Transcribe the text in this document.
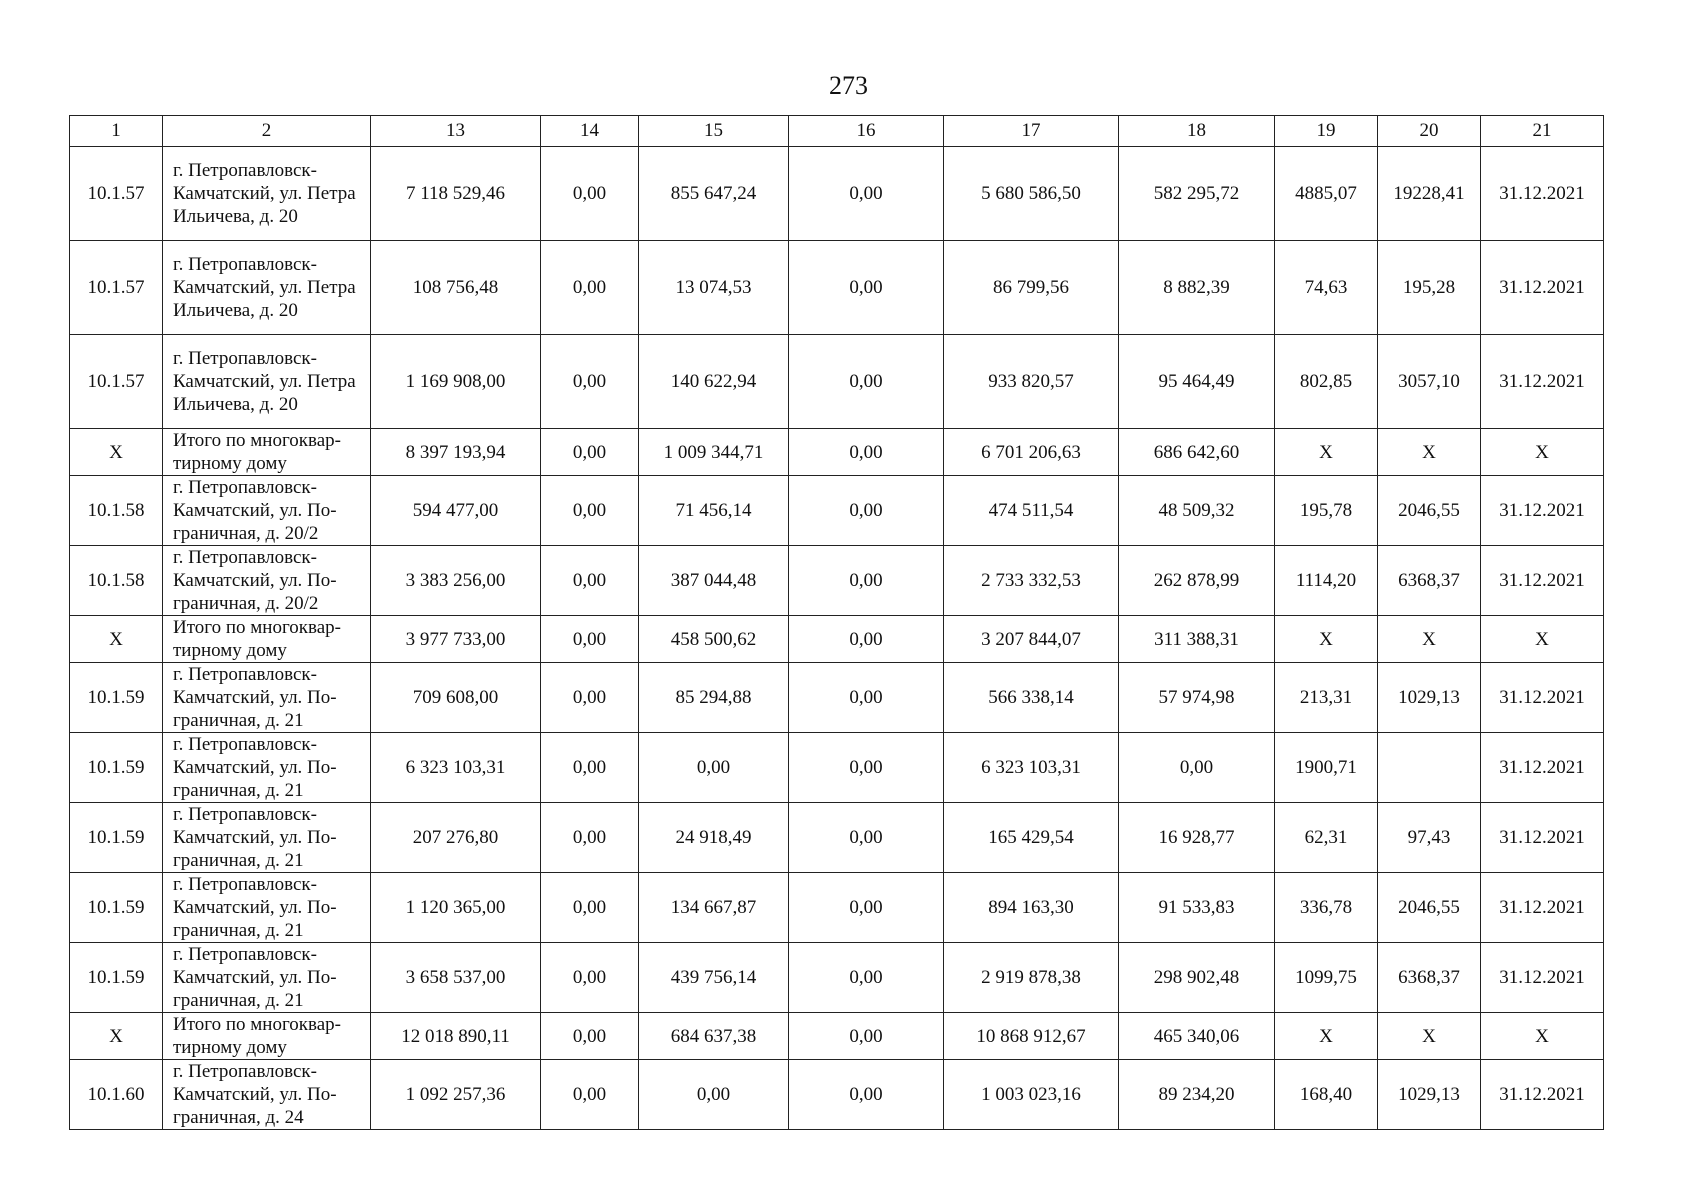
273
1	2	13	14	15	16	17	18	19	20	21
10.1.57	г. Петропавловск-Камчатский, ул. Петра Ильичева, д. 20	7 118 529,46	0,00	855 647,24	0,00	5 680 586,50	582 295,72	4885,07	19228,41	31.12.2021
10.1.57	г. Петропавловск-Камчатский, ул. Петра Ильичева, д. 20	108 756,48	0,00	13 074,53	0,00	86 799,56	8 882,39	74,63	195,28	31.12.2021
10.1.57	г. Петропавловск-Камчатский, ул. Петра Ильичева, д. 20	1 169 908,00	0,00	140 622,94	0,00	933 820,57	95 464,49	802,85	3057,10	31.12.2021
X	Итого по многоквар-тирному дому	8 397 193,94	0,00	1 009 344,71	0,00	6 701 206,63	686 642,60	X	X	X
10.1.58	г. Петропавловск-Камчатский, ул. По-граничная, д. 20/2	594 477,00	0,00	71 456,14	0,00	474 511,54	48 509,32	195,78	2046,55	31.12.2021
10.1.58	г. Петропавловск-Камчатский, ул. По-граничная, д. 20/2	3 383 256,00	0,00	387 044,48	0,00	2 733 332,53	262 878,99	1114,20	6368,37	31.12.2021
X	Итого по многоквар-тирному дому	3 977 733,00	0,00	458 500,62	0,00	3 207 844,07	311 388,31	X	X	X
10.1.59	г. Петропавловск-Камчатский, ул. По-граничная, д. 21	709 608,00	0,00	85 294,88	0,00	566 338,14	57 974,98	213,31	1029,13	31.12.2021
10.1.59	г. Петропавловск-Камчатский, ул. По-граничная, д. 21	6 323 103,31	0,00	0,00	0,00	6 323 103,31	0,00	1900,71		31.12.2021
10.1.59	г. Петропавловск-Камчатский, ул. По-граничная, д. 21	207 276,80	0,00	24 918,49	0,00	165 429,54	16 928,77	62,31	97,43	31.12.2021
10.1.59	г. Петропавловск-Камчатский, ул. По-граничная, д. 21	1 120 365,00	0,00	134 667,87	0,00	894 163,30	91 533,83	336,78	2046,55	31.12.2021
10.1.59	г. Петропавловск-Камчатский, ул. По-граничная, д. 21	3 658 537,00	0,00	439 756,14	0,00	2 919 878,38	298 902,48	1099,75	6368,37	31.12.2021
X	Итого по многоквар-тирному дому	12 018 890,11	0,00	684 637,38	0,00	10 868 912,67	465 340,06	X	X	X
10.1.60	г. Петропавловск-Камчатский, ул. По-граничная, д. 24	1 092 257,36	0,00	0,00	0,00	1 003 023,16	89 234,20	168,40	1029,13	31.12.2021
